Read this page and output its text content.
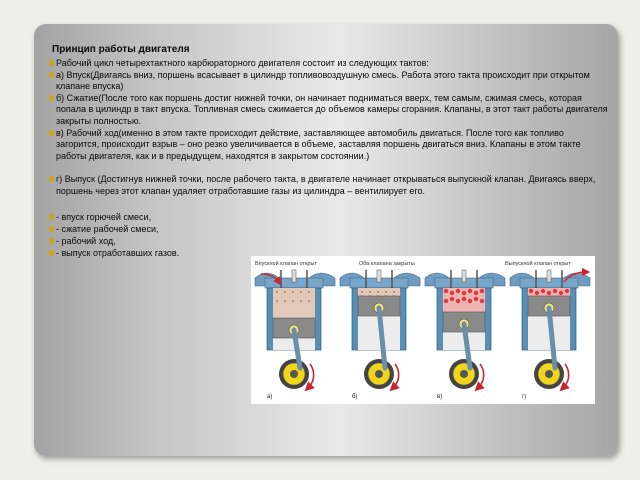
Принцип работы двигателя

Рабочий цикл четырехтактного карбюраторного двигателя состоит из следующих тактов:

а) Впуск(Двигаясь вниз, поршень всасывает в цилиндр топливовоздушную смесь. Работа этого такта происходит при открытом клапане впуска)

б) Сжатие(После того как поршень достиг нижней точки, он начинает подниматься вверх, тем самым, сжимая смесь, которая попала в цилиндр в такт впуска. Топливная смесь сжимается до объемов камеры сгорания. Клапаны, в этот такт работы двигателя закрыты полностью.

в) Рабочий ход(именно в этом такте происходит действие, заставляющее автомобиль двигаться. После того как топливо загорится, происходит взрыв – оно резко увеличивается в объеме, заставляя поршень двигаться вниз. Клапаны в этом такте работы двигателя, как и в предыдущем, находятся в закрытом состоянии.)

г) Выпуск (Достигнув нижней точки, после рабочего такта, в двигателе начинает открываться выпускной клапан. Двигаясь вверх, поршень через этот клапан удаляет отработавшие газы из цилиндра – вентилирует его.

- впуск горючей смеси,

- сжатие рабочей смеси,

- рабочий ход,

- выпуск отработавших газов.

Впускной клапан открыт	Оба клапана закрыты	Выпускной клапан открыт
а)	б)	в)	г)
